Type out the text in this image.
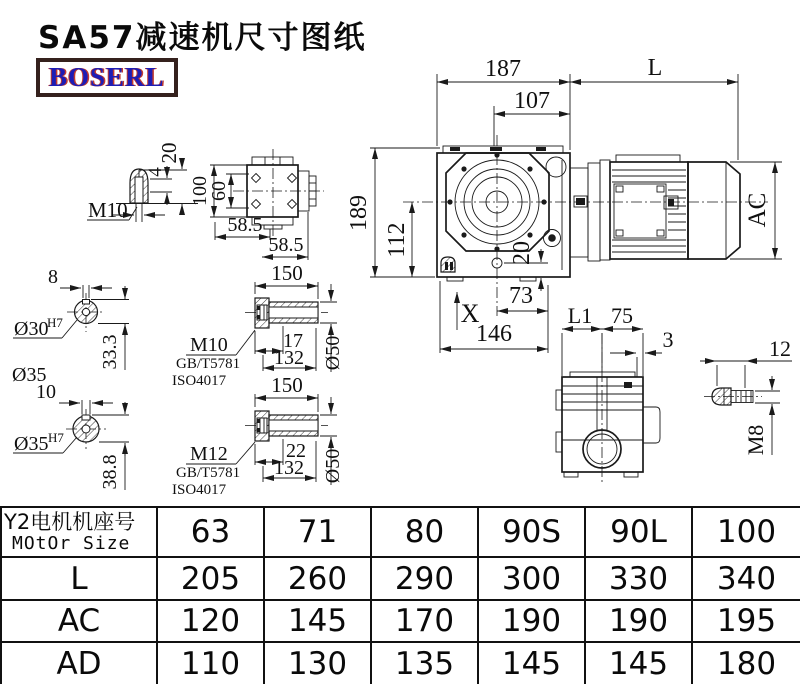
M10
4
20
100
60
58.5
58.5
8
Ø30
H7
33.3
Ø35
10
Ø35 H7
38.8
150
17
132 Ø50
M10
GB/T5781
ISO4017 150
22
132 Ø50
M12
GB/T5781
ISO4017
187	L
107
189
112	20
X
73
146
AC
L1 75
3	12
M8
SA57减速机尺寸图纸
BOSERL
Y2电机机座号
MOtOr Size	63	71	80	90S	90L	100
L	205	260	290	300	330	340
AC	120	145	170	190	190	195
AD	110	130	135	145	145	180
